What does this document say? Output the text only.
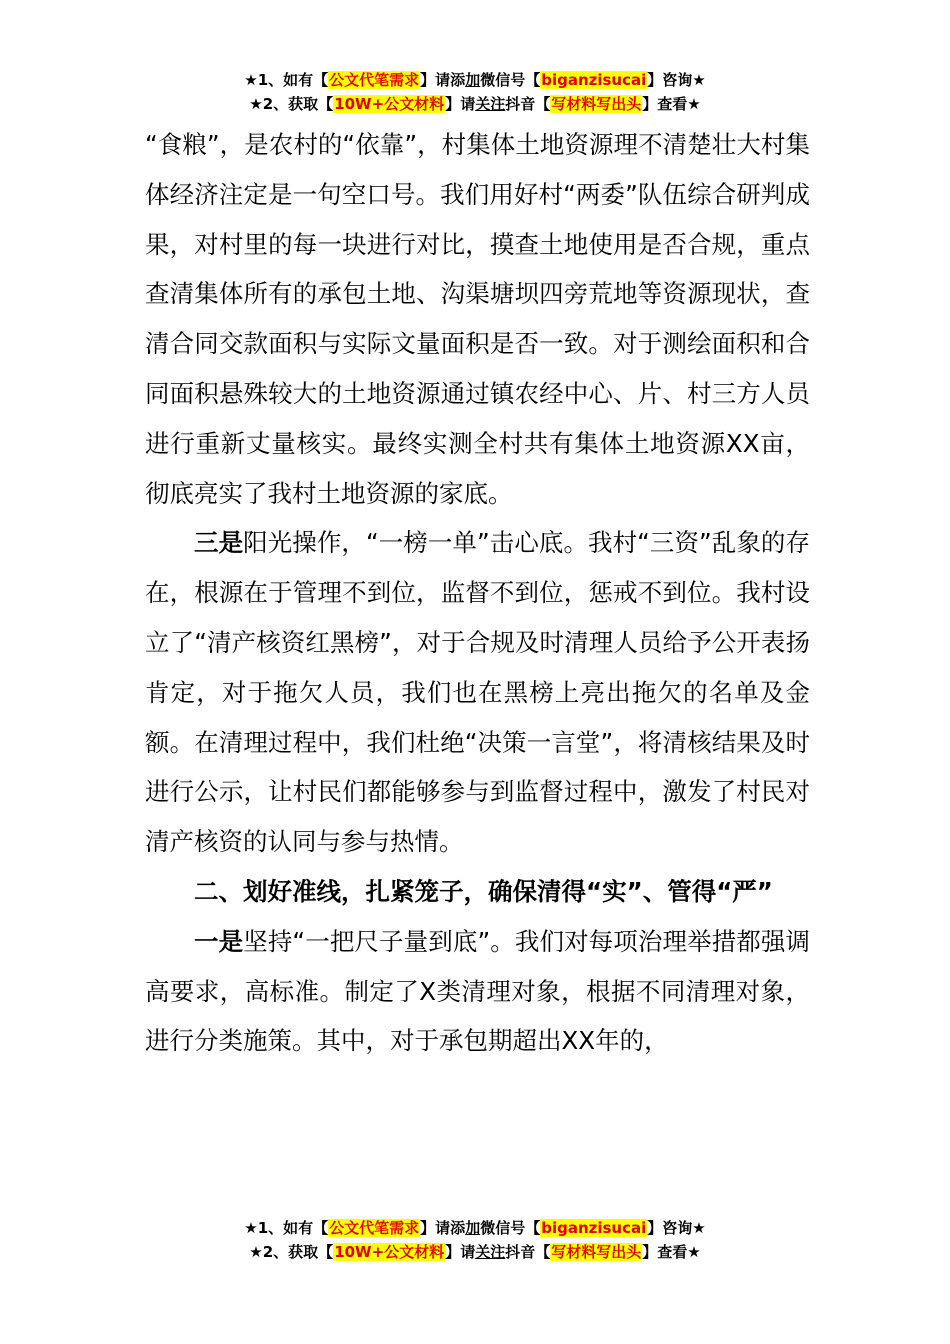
★1、如有【公文代笔需求】请添加微信号【biganzisucai】咨询★
★2、获取【10W+公文材料】请关注抖音【写材料写出头】查看★

“食粮”，是农村的“依靠”，村集体土地资源理不清楚壮大村集体经济注定是一句空口号。我们用好村“两委”队伍综合研判成果，对村里的每一块进行对比，摸查土地使用是否合规，重点查清集体所有的承包土地、沟渠塘坝四旁荒地等资源现状，查清合同交款面积与实际文量面积是否一致。对于测绘面积和合同面积悬殊较大的土地资源通过镇农经中心、片、村三方人员进行重新丈量核实。最终实测全村共有集体土地资源XX亩，彻底亮实了我村土地资源的家底。

三是阳光操作，“一榜一单”击心底。我村“三资”乱象的存在，根源在于管理不到位，监督不到位，惩戒不到位。我村设立了“清产核资红黑榜”，对于合规及时清理人员给予公开表扬肯定，对于拖欠人员，我们也在黑榜上亮出拖欠的名单及金额。在清理过程中，我们杜绝“决策一言堂”，将清核结果及时进行公示，让村民们都能够参与到监督过程中，激发了村民对清产核资的认同与参与热情。

二、划好准线，扎紧笼子，确保清得“实”、管得“严”

一是坚持“一把尺子量到底”。我们对每项治理举措都强调高要求，高标准。制定了X类清理对象，根据不同清理对象，进行分类施策。其中，对于承包期超出XX年的，

★1、如有【公文代笔需求】请添加微信号【biganzisucai】咨询★
★2、获取【10W+公文材料】请关注抖音【写材料写出头】查看★
